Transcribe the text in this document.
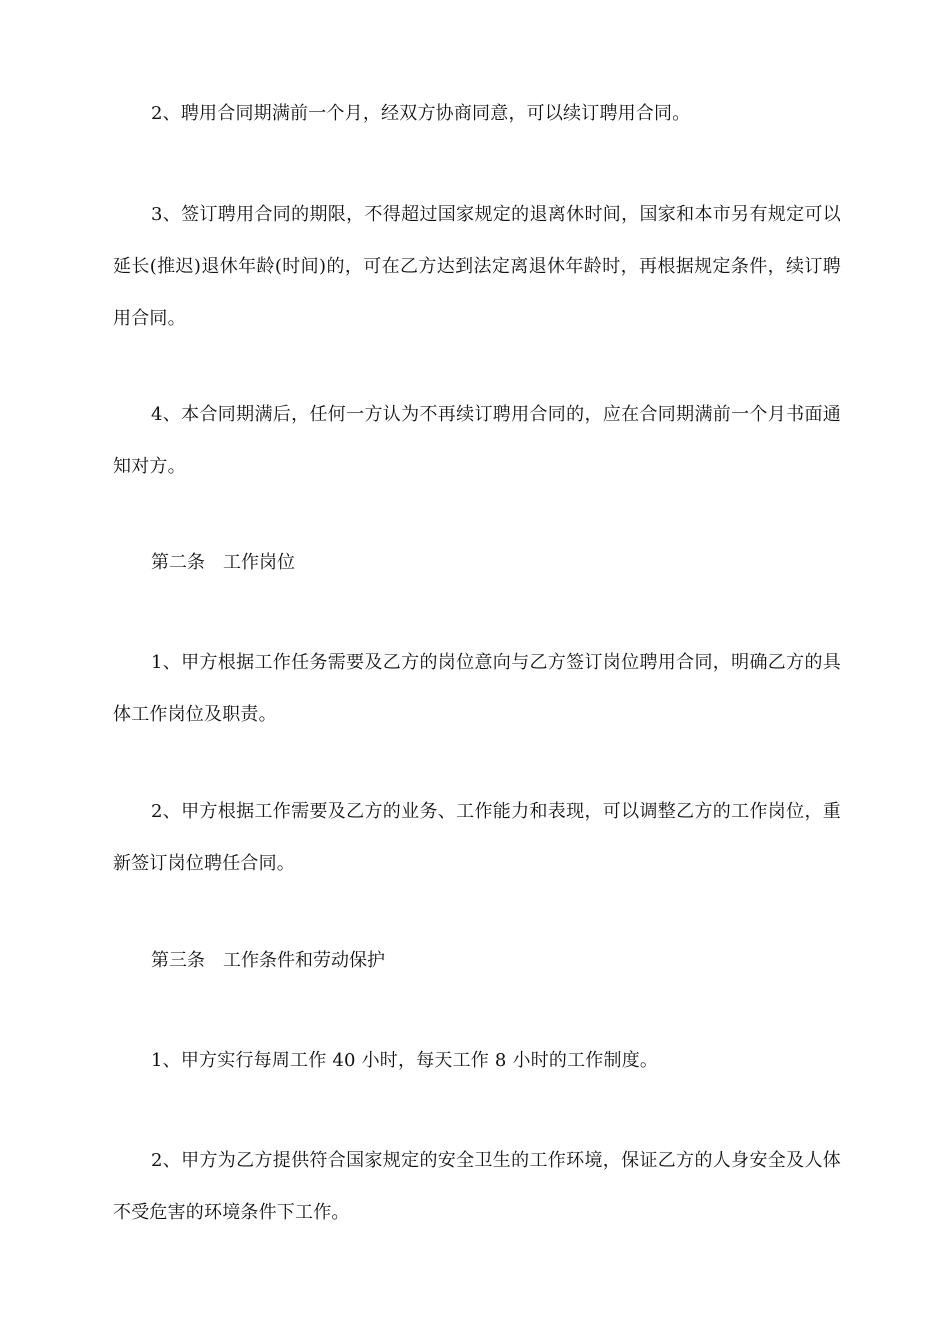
2、聘用合同期满前一个月，经双方协商同意，可以续订聘用合同。

3、签订聘用合同的期限，不得超过国家规定的退离休时间，国家和本市另有规定可以延长(推迟)退休年龄(时间)的，可在乙方达到法定离退休年龄时，再根据规定条件，续订聘用合同。

4、本合同期满后，任何一方认为不再续订聘用合同的，应在合同期满前一个月书面通知对方。

第二条　工作岗位

1、甲方根据工作任务需要及乙方的岗位意向与乙方签订岗位聘用合同，明确乙方的具体工作岗位及职责。

2、甲方根据工作需要及乙方的业务、工作能力和表现，可以调整乙方的工作岗位，重新签订岗位聘任合同。

第三条　工作条件和劳动保护

1、甲方实行每周工作 40 小时，每天工作 8 小时的工作制度。

2、甲方为乙方提供符合国家规定的安全卫生的工作环境，保证乙方的人身安全及人体不受危害的环境条件下工作。
